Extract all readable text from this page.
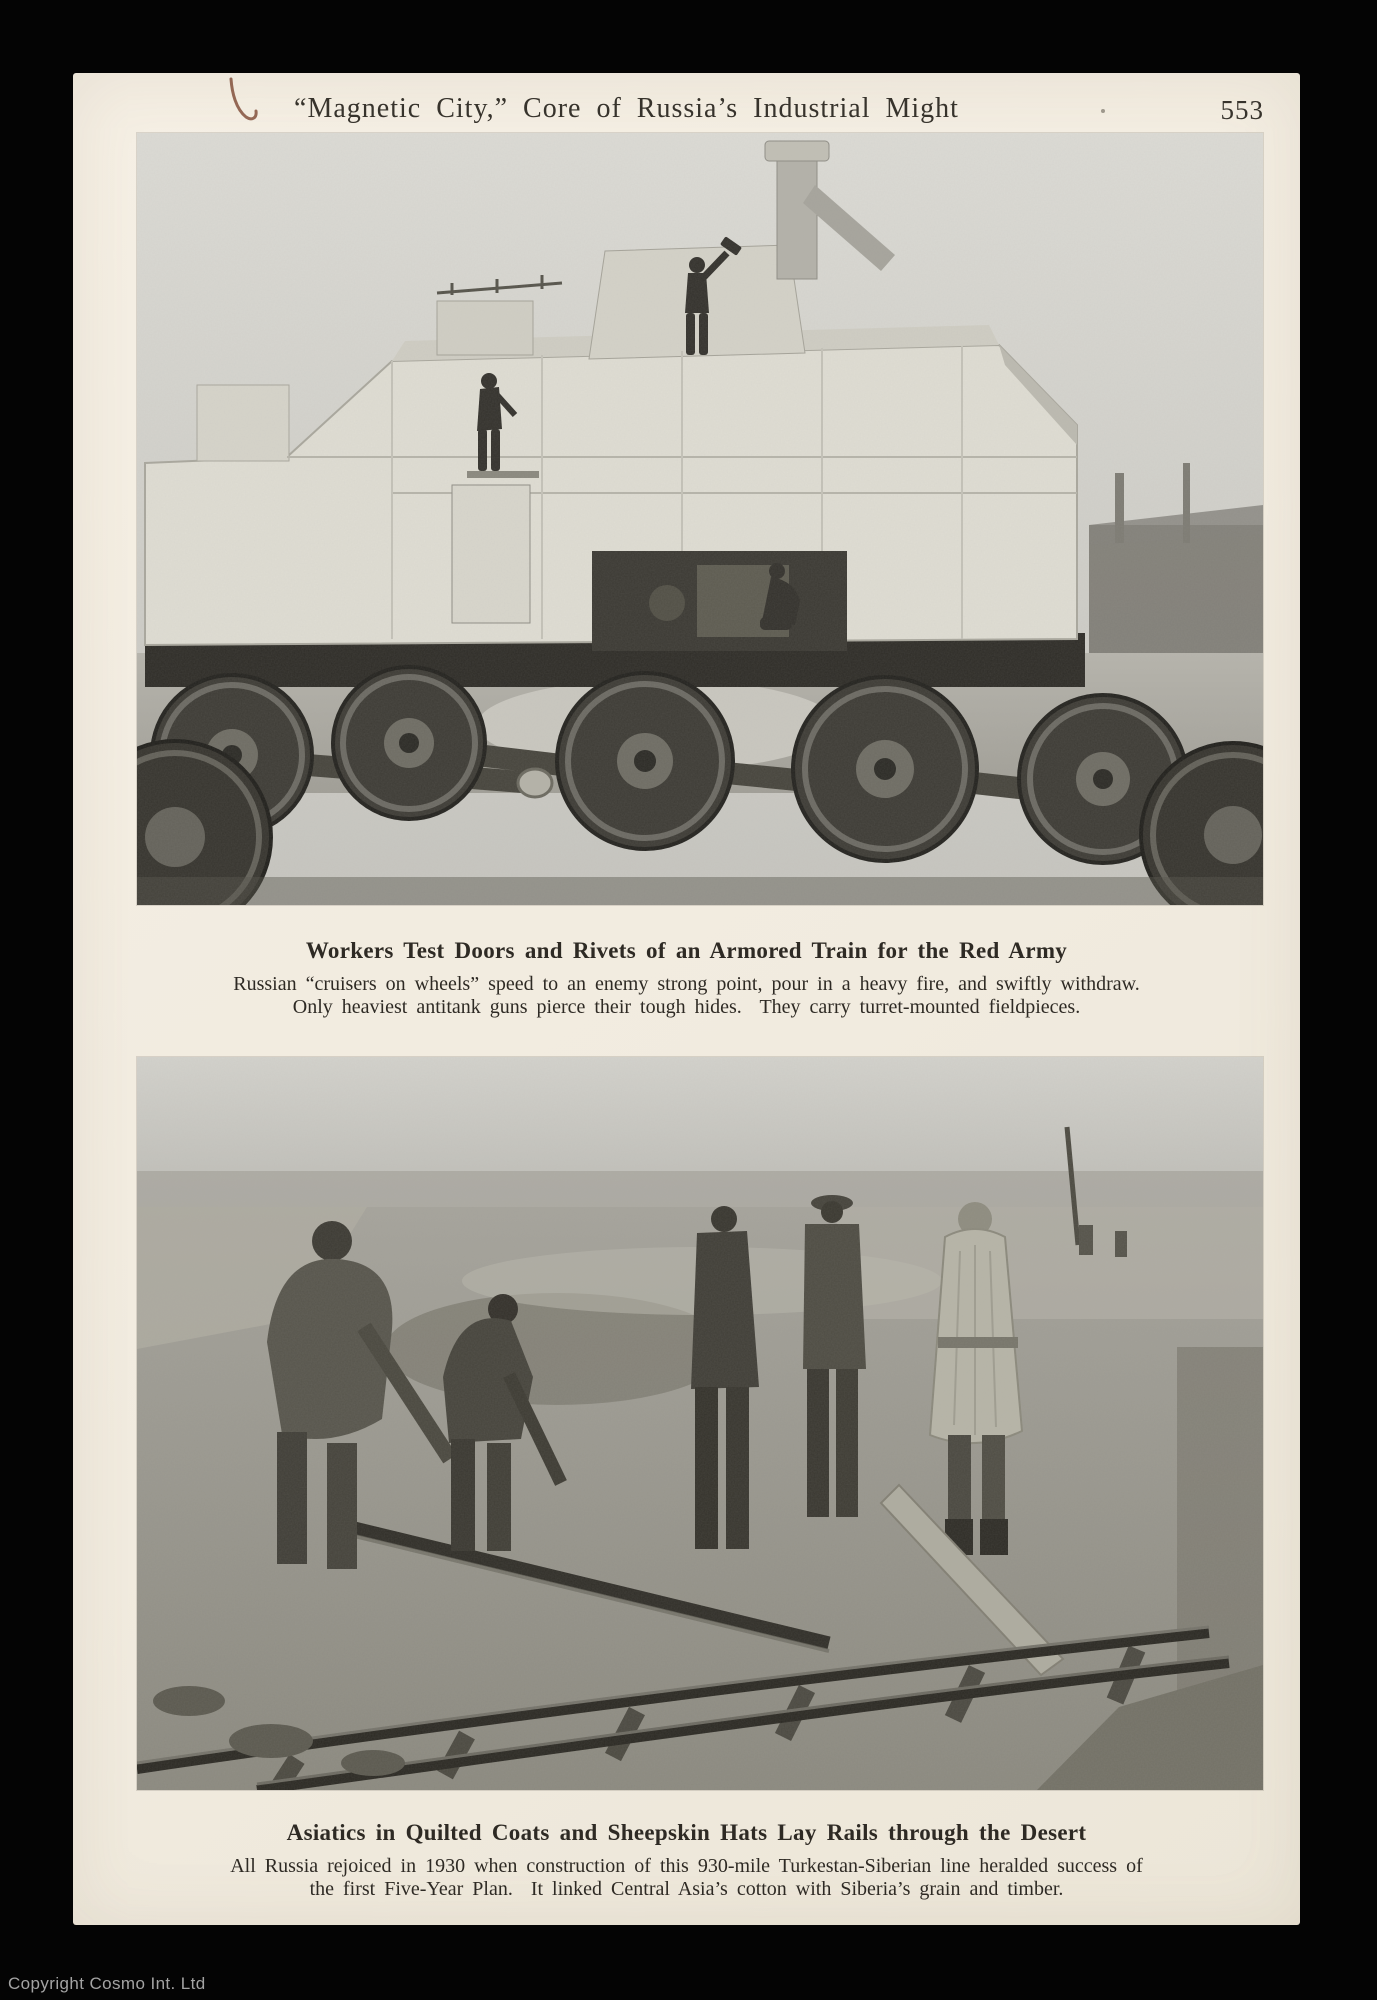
“Magnetic City,” Core of Russia’s Industrial Might	553
Workers Test Doors and Rivets of an Armored Train for the Red Army
Russian “cruisers on wheels” speed to an enemy strong point, pour in a heavy fire, and swiftly withdraw.
Only heaviest antitank guns pierce their tough hides.  They carry turret-mounted fieldpieces.
Asiatics in Quilted Coats and Sheepskin Hats Lay Rails through the Desert
All Russia rejoiced in 1930 when construction of this 930-mile Turkestan-Siberian line heralded success of
the first Five-Year Plan.  It linked Central Asia’s cotton with Siberia’s grain and timber.
Copyright Cosmo Int. Ltd
